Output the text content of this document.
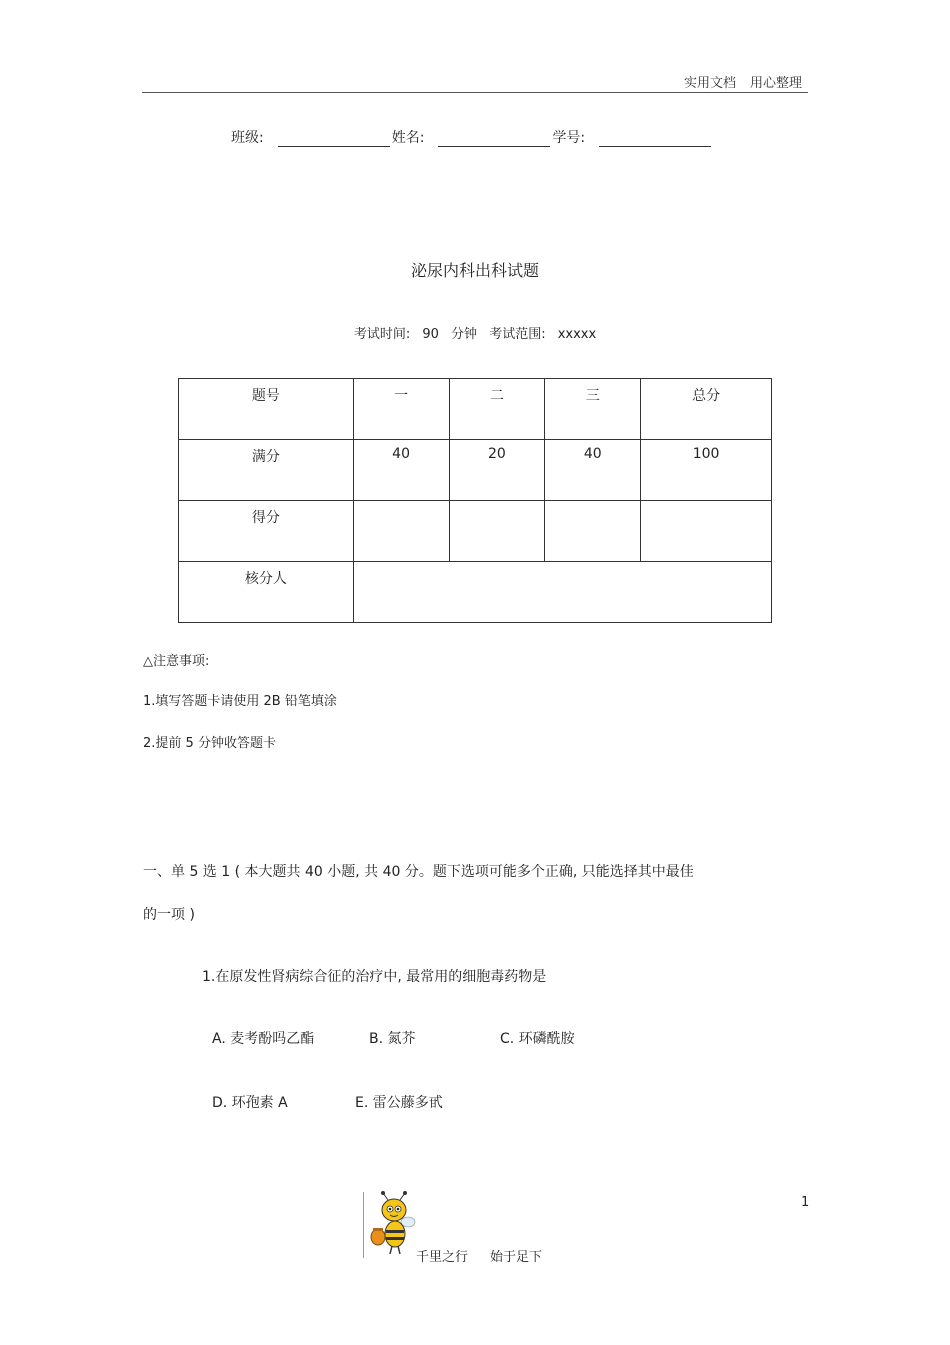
实用文档 用心整理
班级:	姓名:	学号:
泌尿内科出科试题
考试时间: 90 分钟 考试范围: xxxxx
题号	一	二	三	总分
满分	40	20	40	100
得分				
核分人				
△注意事项:
1.填写答题卡请使用 2B 铅笔填涂
2.提前 5 分钟收答题卡
一、单 5 选 1 ( 本大题共 40 小题, 共 40 分。题下选项可能多个正确, 只能选择其中最佳
的一项 )
1.在原发性肾病综合征的治疗中, 最常用的细胞毒药物是
A. 麦考酚吗乙酯	B. 氮芥	C. 环磷酰胺
D. 环孢素 A	E. 雷公藤多甙
1
千里之行 始于足下
